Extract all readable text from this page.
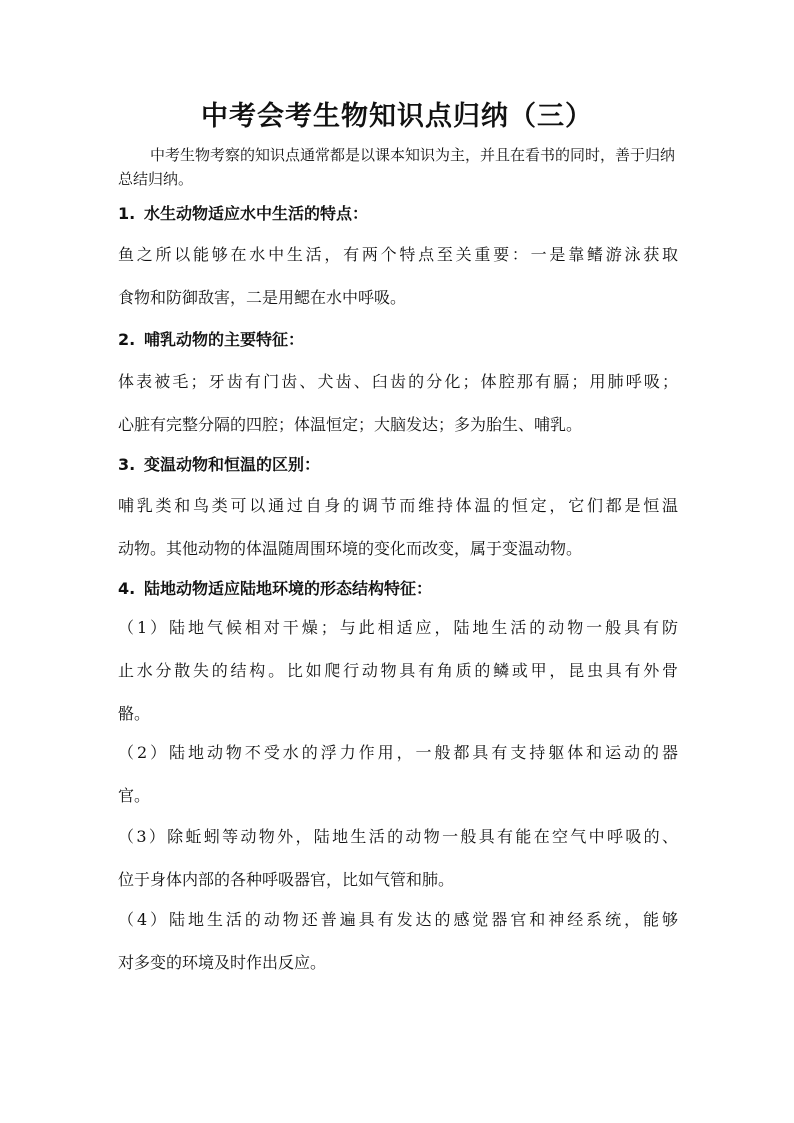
中考会考生物知识点归纳（三）
中考生物考察的知识点通常都是以课本知识为主，并且在看书的同时，善于归纳总结归纳。
1. 水生动物适应水中生活的特点：
鱼之所以能够在水中生活，有两个特点至关重要：一是靠鳍游泳获取
食物和防御敌害，二是用鳃在水中呼吸。
2. 哺乳动物的主要特征：
体表被毛；牙齿有门齿、犬齿、臼齿的分化；体腔那有膈；用肺呼吸；
心脏有完整分隔的四腔；体温恒定；大脑发达；多为胎生、哺乳。
3. 变温动物和恒温的区别：
哺乳类和鸟类可以通过自身的调节而维持体温的恒定，它们都是恒温
动物。其他动物的体温随周围环境的变化而改变，属于变温动物。
4. 陆地动物适应陆地环境的形态结构特征：
（1）陆地气候相对干燥；与此相适应，陆地生活的动物一般具有防
止水分散失的结构。比如爬行动物具有角质的鳞或甲，昆虫具有外骨
骼。
（2）陆地动物不受水的浮力作用，一般都具有支持躯体和运动的器
官。
（3）除蚯蚓等动物外，陆地生活的动物一般具有能在空气中呼吸的、
位于身体内部的各种呼吸器官，比如气管和肺。
（4）陆地生活的动物还普遍具有发达的感觉器官和神经系统，能够
对多变的环境及时作出反应。
